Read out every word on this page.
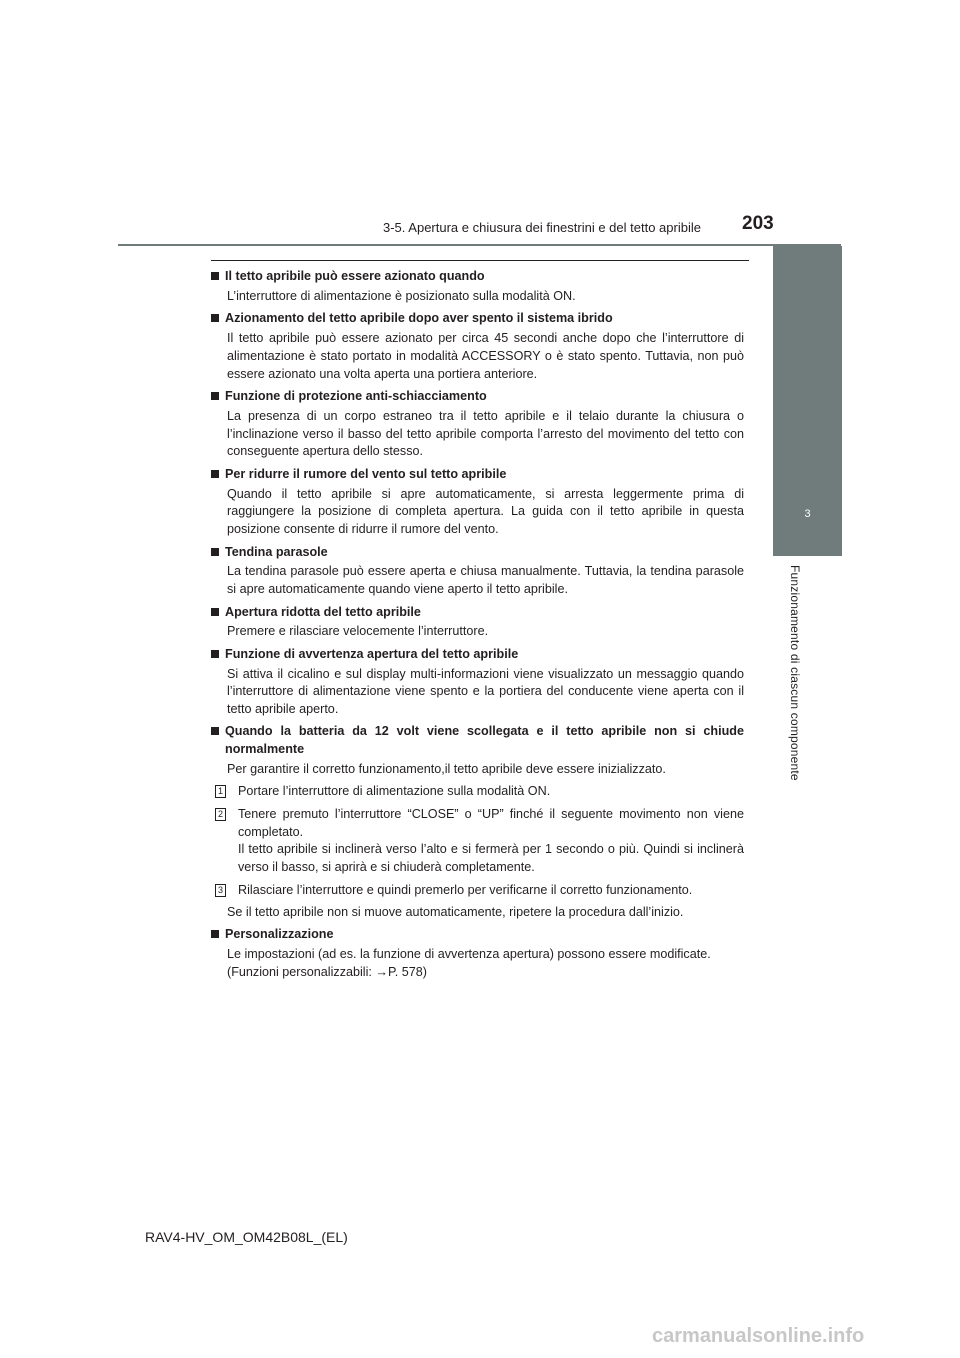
3-5. Apertura e chiusura dei finestrini e del tetto apribile 203
3
Funzionamento di ciascun componente
Il tetto apribile può essere azionato quando
L’interruttore di alimentazione è posizionato sulla modalità ON.
Azionamento del tetto apribile dopo aver spento il sistema ibrido
Il tetto apribile può essere azionato per circa 45 secondi anche dopo che l’interruttore di alimentazione è stato portato in modalità ACCESSORY o è stato spento. Tuttavia, non può essere azionato una volta aperta una portiera anteriore.
Funzione di protezione anti-schiacciamento
La presenza di un corpo estraneo tra il tetto apribile e il telaio durante la chiusura o l’inclinazione verso il basso del tetto apribile comporta l’arresto del movimento del tetto con conseguente apertura dello stesso.
Per ridurre il rumore del vento sul tetto apribile
Quando il tetto apribile si apre automaticamente, si arresta leggermente prima di raggiungere la posizione di completa apertura. La guida con il tetto apribile in questa posizione consente di ridurre il rumore del vento.
Tendina parasole
La tendina parasole può essere aperta e chiusa manualmente. Tuttavia, la tendina parasole si apre automaticamente quando viene aperto il tetto apribile.
Apertura ridotta del tetto apribile
Premere e rilasciare velocemente l’interruttore.
Funzione di avvertenza apertura del tetto apribile
Si attiva il cicalino e sul display multi-informazioni viene visualizzato un messaggio quando l’interruttore di alimentazione viene spento e la portiera del conducente viene aperta con il tetto apribile aperto.
Quando la batteria da 12 volt viene scollegata e il tetto apribile non si chiude normalmente
Per garantire il corretto funzionamento,il tetto apribile deve essere inizializzato.
1 Portare l’interruttore di alimentazione sulla modalità ON.
2 Tenere premuto l’interruttore “CLOSE” o “UP” finché il seguente movimento non viene completato.
Il tetto apribile si inclinerà verso l’alto e si fermerà per 1 secondo o più. Quindi si inclinerà verso il basso, si aprirà e si chiuderà completamente.
3 Rilasciare l’interruttore e quindi premerlo per verificarne il corretto funzionamento.
Se il tetto apribile non si muove automaticamente, ripetere la procedura dall’inizio.
Personalizzazione
Le impostazioni (ad es. la funzione di avvertenza apertura) possono essere modificate.
(Funzioni personalizzabili: →P. 578)
RAV4-HV_OM_OM42B08L_(EL)
carmanualsonline.info
